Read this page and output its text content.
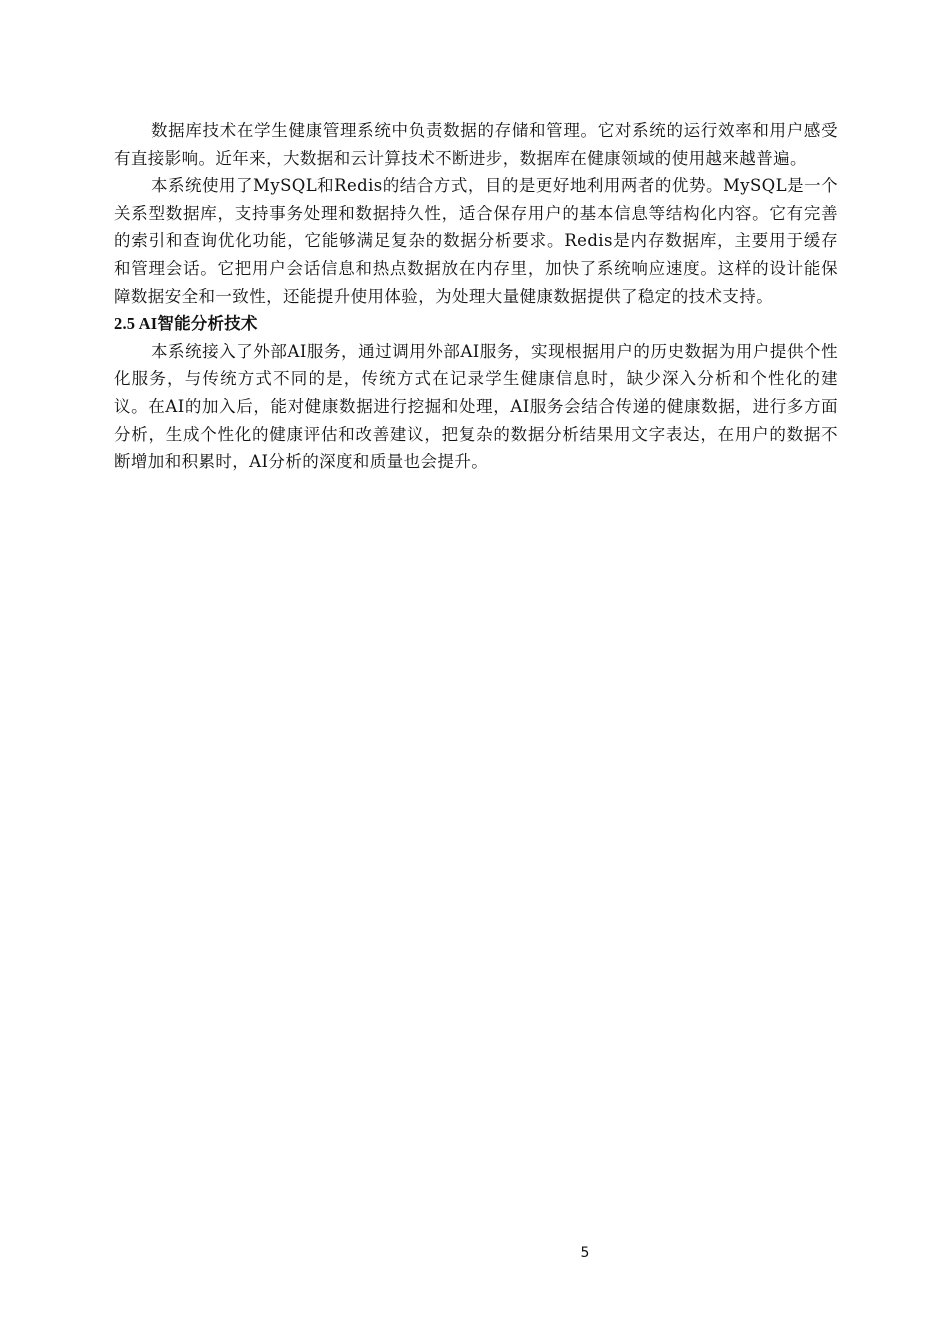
数据库技术在学生健康管理系统中负责数据的存储和管理。它对系统的运行效率和用户感受有直接影响。近年来，大数据和云计算技术不断进步，数据库在健康领域的使用越来越普遍。

本系统使用了MySQL和Redis的结合方式，目的是更好地利用两者的优势。MySQL是一个关系型数据库，支持事务处理和数据持久性，适合保存用户的基本信息等结构化内容。它有完善的索引和查询优化功能，它能够满足复杂的数据分析要求。Redis是内存数据库，主要用于缓存和管理会话。它把用户会话信息和热点数据放在内存里，加快了系统响应速度。这样的设计能保障数据安全和一致性，还能提升使用体验，为处理大量健康数据提供了稳定的技术支持。

2.5 AI智能分析技术

本系统接入了外部AI服务，通过调用外部AI服务，实现根据用户的历史数据为用户提供个性化服务，与传统方式不同的是，传统方式在记录学生健康信息时，缺少深入分析和个性化的建议。在AI的加入后，能对健康数据进行挖掘和处理，AI服务会结合传递的健康数据，进行多方面分析，生成个性化的健康评估和改善建议，把复杂的数据分析结果用文字表达，在用户的数据不断增加和积累时，AI分析的深度和质量也会提升。

5
